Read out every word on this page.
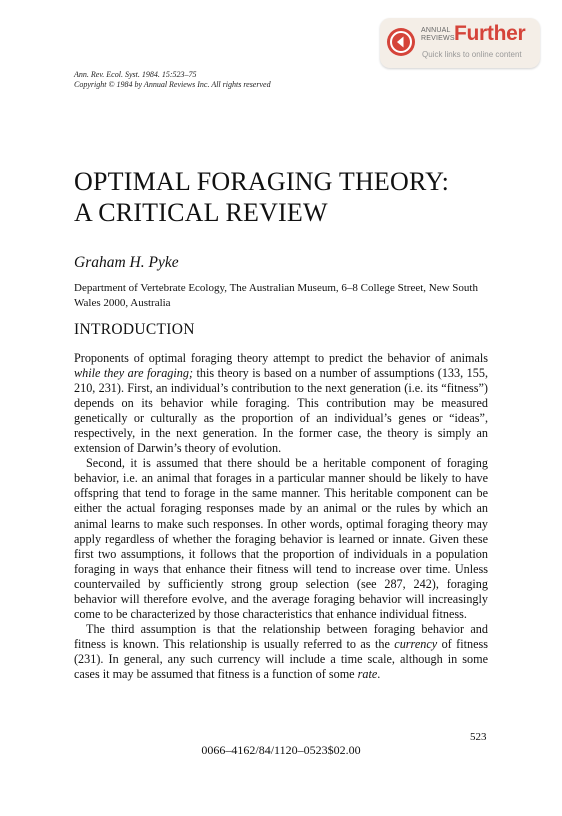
ANNUAL
REVIEWS Further
Quick links to online content
Ann. Rev. Ecol. Syst. 1984. 15:523–75
Copyright © 1984 by Annual Reviews Inc. All rights reserved
OPTIMAL FORAGING THEORY:
A CRITICAL REVIEW
Graham H. Pyke
Department of Vertebrate Ecology, The Australian Museum, 6–8 College Street, New South Wales 2000, Australia
INTRODUCTION

Proponents of optimal foraging theory attempt to predict the behavior of animals while they are foraging; this theory is based on a number of assumptions (133, 155, 210, 231). First, an individual’s contribution to the next generation (i.e. its “fitness”) depends on its behavior while foraging. This contribution may be measured genetically or culturally as the proportion of an individual’s genes or “ideas”, respectively, in the next generation. In the former case, the theory is simply an extension of Darwin’s theory of evolution.

Second, it is assumed that there should be a heritable component of foraging behavior, i.e. an animal that forages in a particular manner should be likely to have offspring that tend to forage in the same manner. This heritable component can be either the actual foraging responses made by an animal or the rules by which an animal learns to make such responses. In other words, optimal foraging theory may apply regardless of whether the foraging behavior is learned or innate. Given these first two assumptions, it follows that the proportion of individuals in a population foraging in ways that enhance their fitness will tend to increase over time. Unless countervailed by sufficiently strong group selection (see 287, 242), foraging behavior will therefore evolve, and the average foraging behavior will increasingly come to be characterized by those characteristics that enhance individual fitness.

The third assumption is that the relationship between foraging behavior and fitness is known. This relationship is usually referred to as the currency of fitness (231). In general, any such currency will include a time scale, although in some cases it may be assumed that fitness is a function of some rate.

523
0066–4162/84/1120–0523$02.00
